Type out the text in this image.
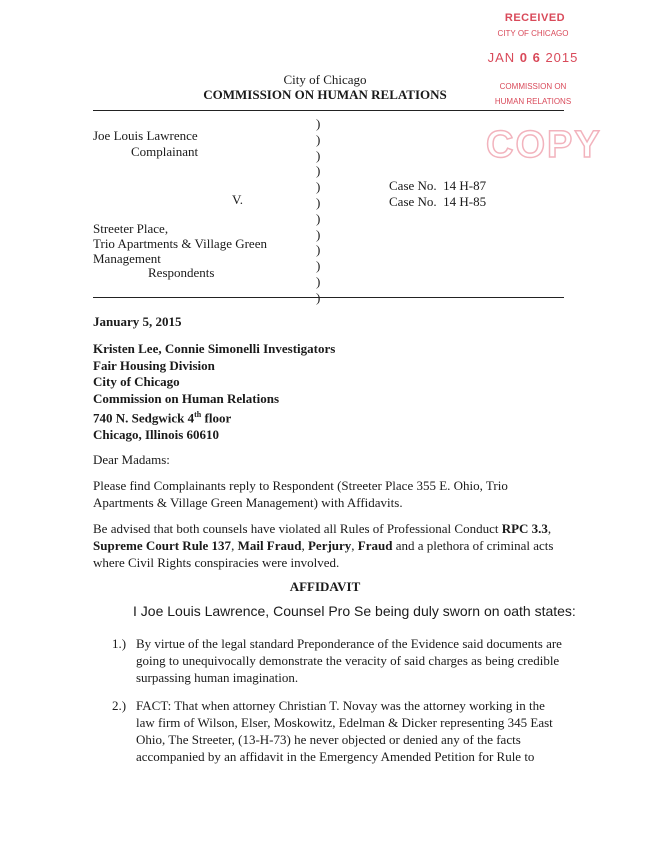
RECEIVED
CITY OF CHICAGO
JAN 0 6 2015
COMMISSION ON
HUMAN RELATIONS
COPY
City of Chicago
COMMISSION ON HUMAN RELATIONS
Joe Louis Lawrence
Complainant
V.
Streeter Place,
Trio Apartments & Village Green
Management
Respondents
)
)
)
)
)
)
)
)
)
)
)
Case No. 14 H-87
Case No. 14 H-85
January 5, 2015
Kristen Lee, Connie Simonelli Investigators
Fair Housing Division
City of Chicago
Commission on Human Relations
740 N. Sedgwick 4th floor
Chicago, Illinois 60610
Dear Madams:
Please find Complainants reply to Respondent (Streeter Place 355 E. Ohio, Trio Apartments & Village Green Management) with Affidavits.
Be advised that both counsels have violated all Rules of Professional Conduct RPC 3.3, Supreme Court Rule 137, Mail Fraud, Perjury, Fraud and a plethora of criminal acts where Civil Rights conspiracies were involved.
AFFIDAVIT
I Joe Louis Lawrence, Counsel Pro Se being duly sworn on oath states:
1.) By virtue of the legal standard Preponderance of the Evidence said documents are going to unequivocally demonstrate the veracity of said charges as being credible surpassing human imagination.
2.) FACT: That when attorney Christian T. Novay was the attorney working in the law firm of Wilson, Elser, Moskowitz, Edelman & Dicker representing 345 East Ohio, The Streeter, (13-H-73) he never objected or denied any of the facts accompanied by an affidavit in the Emergency Amended Petition for Rule to
